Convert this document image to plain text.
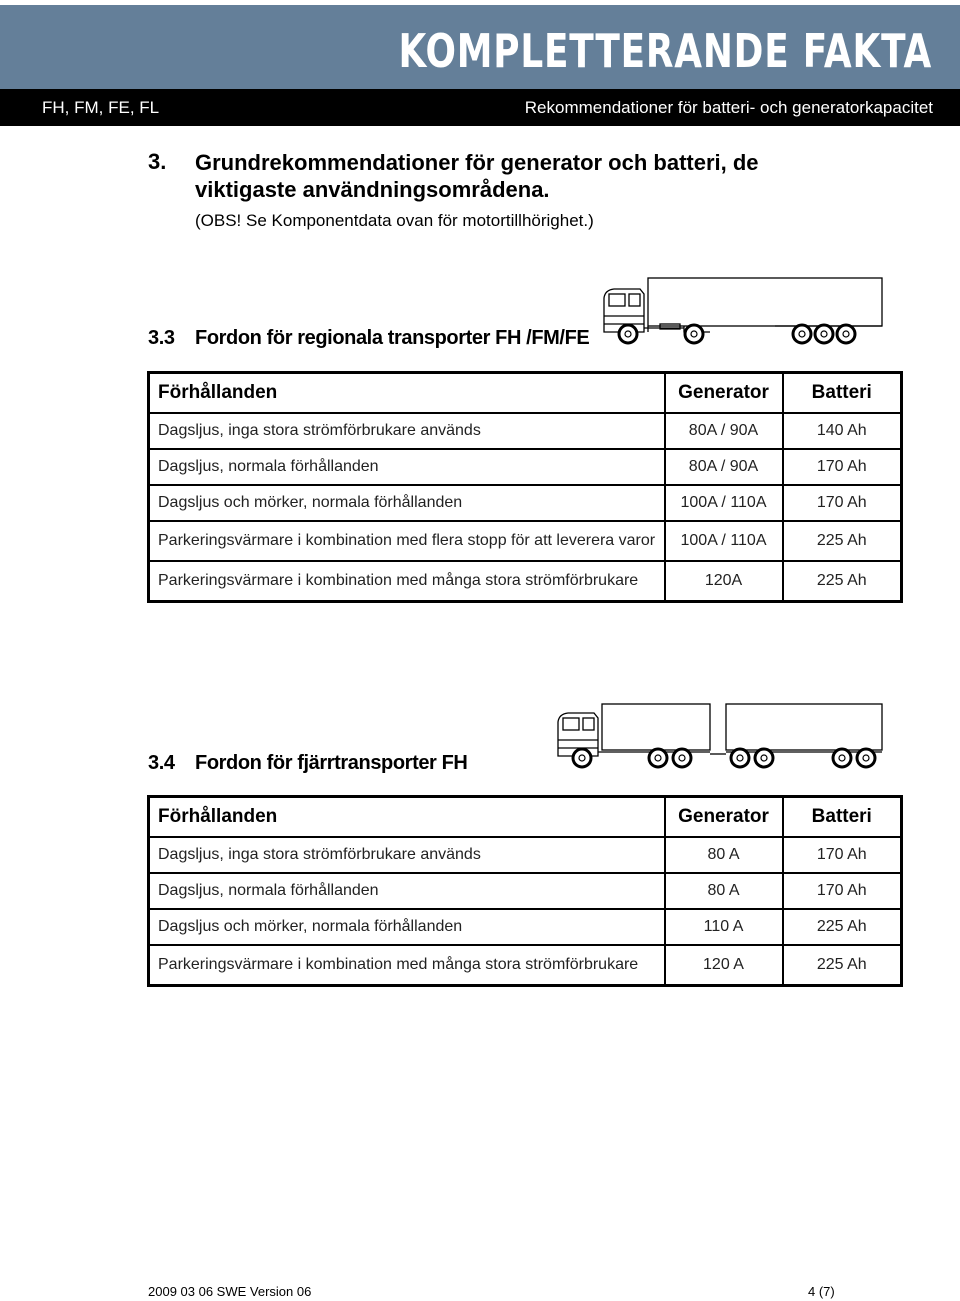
KOMPLETTERANDE FAKTA
FH, FM, FE, FL	Rekommendationer för batteri- och generatorkapacitet
3. Grundrekommendationer för generator och batteri, de viktigaste användningsområdena.
(OBS! Se Komponentdata ovan för motortillhörighet.)
3.3 Fordon för regionala transporter FH /FM/FE
Förhållanden	Generator	Batteri
Dagsljus, inga stora strömförbrukare används	80A / 90A	140 Ah
Dagsljus, normala förhållanden	80A / 90A	170 Ah
Dagsljus och mörker, normala förhållanden	100A / 110A	170 Ah
Parkeringsvärmare i kombination med flera stopp för att leverera varor	100A / 110A	225 Ah
Parkeringsvärmare i kombination med många stora strömförbrukare	120A	225 Ah
3.4 Fordon för fjärrtransporter FH
Förhållanden	Generator	Batteri
Dagsljus, inga stora strömförbrukare används	80 A	170 Ah
Dagsljus, normala förhållanden	80 A	170 Ah
Dagsljus och mörker, normala förhållanden	110 A	225 Ah
Parkeringsvärmare i kombination med många stora strömförbrukare	120 A	225 Ah
2009 03 06 SWE Version 06	4 (7)
